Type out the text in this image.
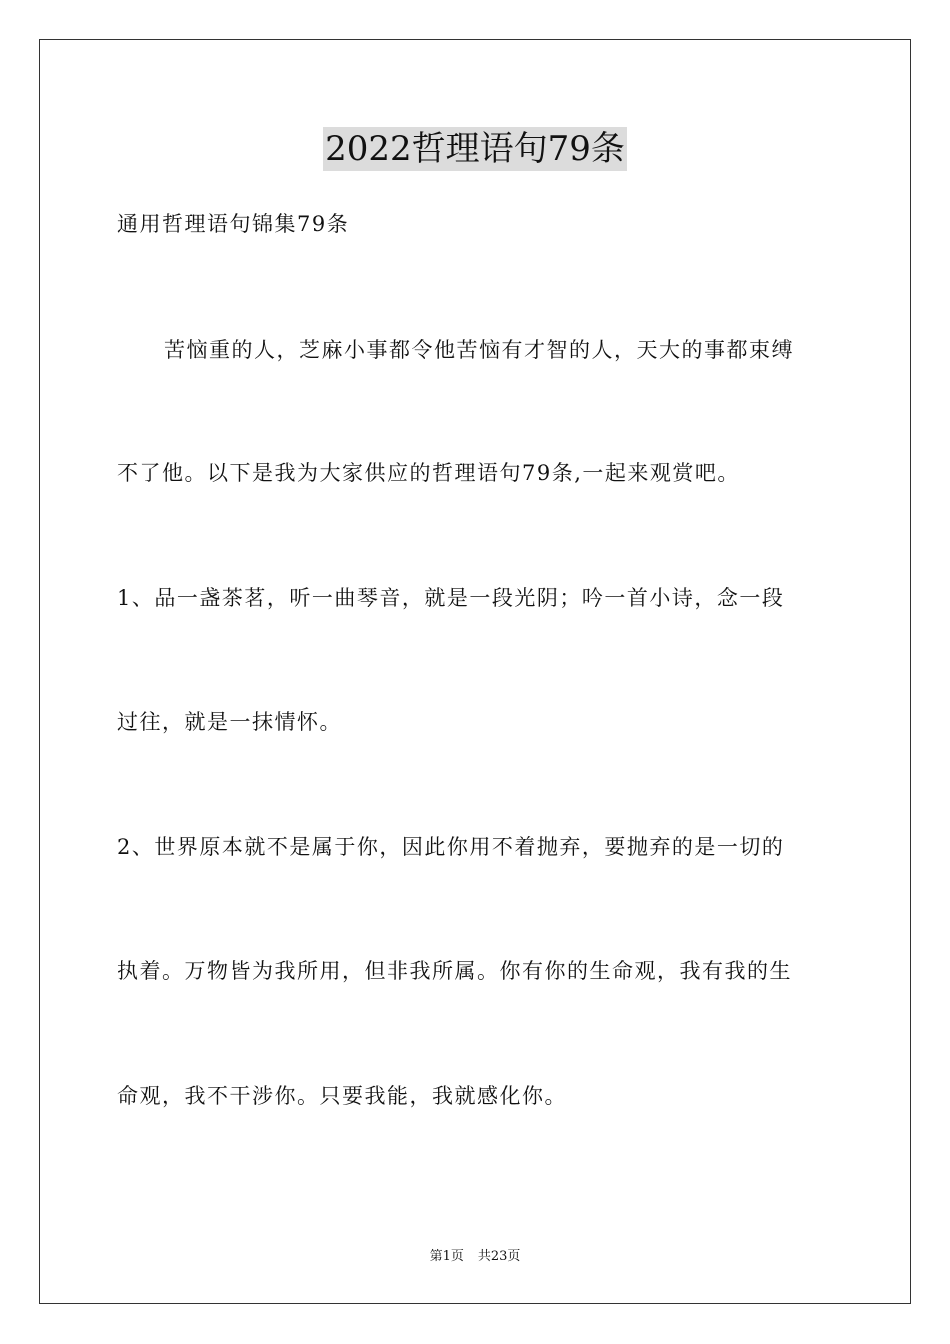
2022哲理语句79条
通用哲理语句锦集79条
苦恼重的人，芝麻小事都令他苦恼有才智的人，天大的事都束缚
不了他。以下是我为大家供应的哲理语句79条,一起来观赏吧。
1、品一盏茶茗，听一曲琴音，就是一段光阴；吟一首小诗，念一段
过往，就是一抹情怀。
2、世界原本就不是属于你，因此你用不着抛弃，要抛弃的是一切的
执着。万物皆为我所用，但非我所属。你有你的生命观，我有我的生
命观，我不干涉你。只要我能，我就感化你。
第1页 共23页
